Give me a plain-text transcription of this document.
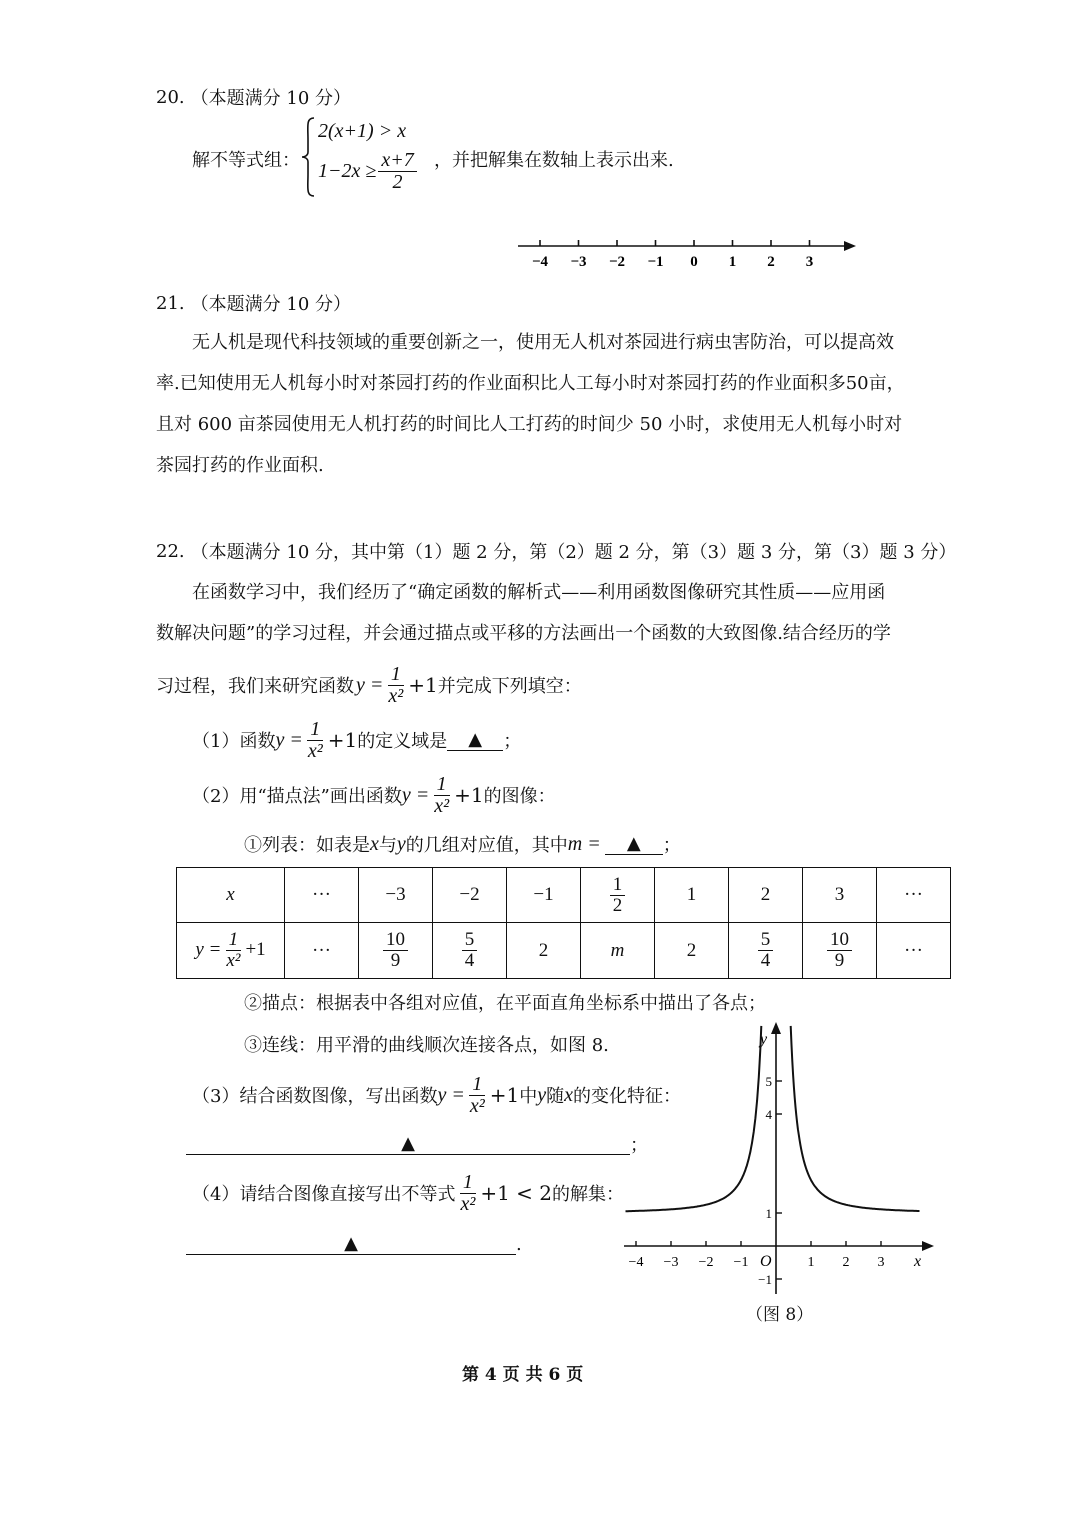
20. （本题满分 10 分）
解不等式组：
2(x+1) > x
$1-2x \ge \frac{x+7}{2}$ ，并把解集在数轴上表示出来.
−4 −3 −2 −1 0 1 2 3
21. （本题满分 10 分）
无人机是现代科技领域的重要创新之一，使用无人机对茶园进行病虫害防治，可以提高效
率.已知使用无人机每小时对茶园打药的作业面积比人工每小时对茶园打药的作业面积多50亩，
且对 600 亩茶园使用无人机打药的时间比人工打药的时间少 50 小时，求使用无人机每小时对
茶园打药的作业面积.
22. （本题满分 10 分，其中第（1）题 2 分，第（2）题 2 分，第（3）题 3 分，第（3）题 3 分）
在函数学习中，我们经历了“确定函数的解析式——利用函数图像研究其性质——应用函
数解决问题”的学习过程，并会通过描点或平移的方法画出一个函数的大致图像.结合经历的学
习过程，我们来研究函数 $y = \frac{1}{\text{x²}} +1$ 并完成下列填空：
（1）函数 $y = \frac{1}{\text{x²}} +1$ 的定义域是	▲	；
（2）用“描点法”画出函数 $y = \frac{1}{\text{x²}} +1$ 的图像：
①列表：如表是 x 与 y 的几组对应值，其中 m =	▲	；
x	···	−3	−2	−1	$\frac{1}{2}$	1	2	3	···
$y = \frac{1}{\text{x²}} +1$	···	$\frac{10}{9}$	$\frac{5}{4}$	2	m	2	$\frac{5}{4}$	$\frac{10}{9}$	···
②描点：根据表中各组对应值，在平面直角坐标系中描出了各点；
③连线：用平滑的曲线顺次连接各点，如图 8.
（3）结合函数图像，写出函数 $y = \frac{1}{\text{x²}} +1$ 中 y 随 x 的变化特征：
▲	；
（4）请结合图像直接写出不等式 $\frac{1}{\text{x²}} +1 < 2$ 的解集：
▲	.
x
y
O
−4 −3 −2 −1	1 2 3
5
4
1
−1
（图 8）
第 4 页 共 6 页
